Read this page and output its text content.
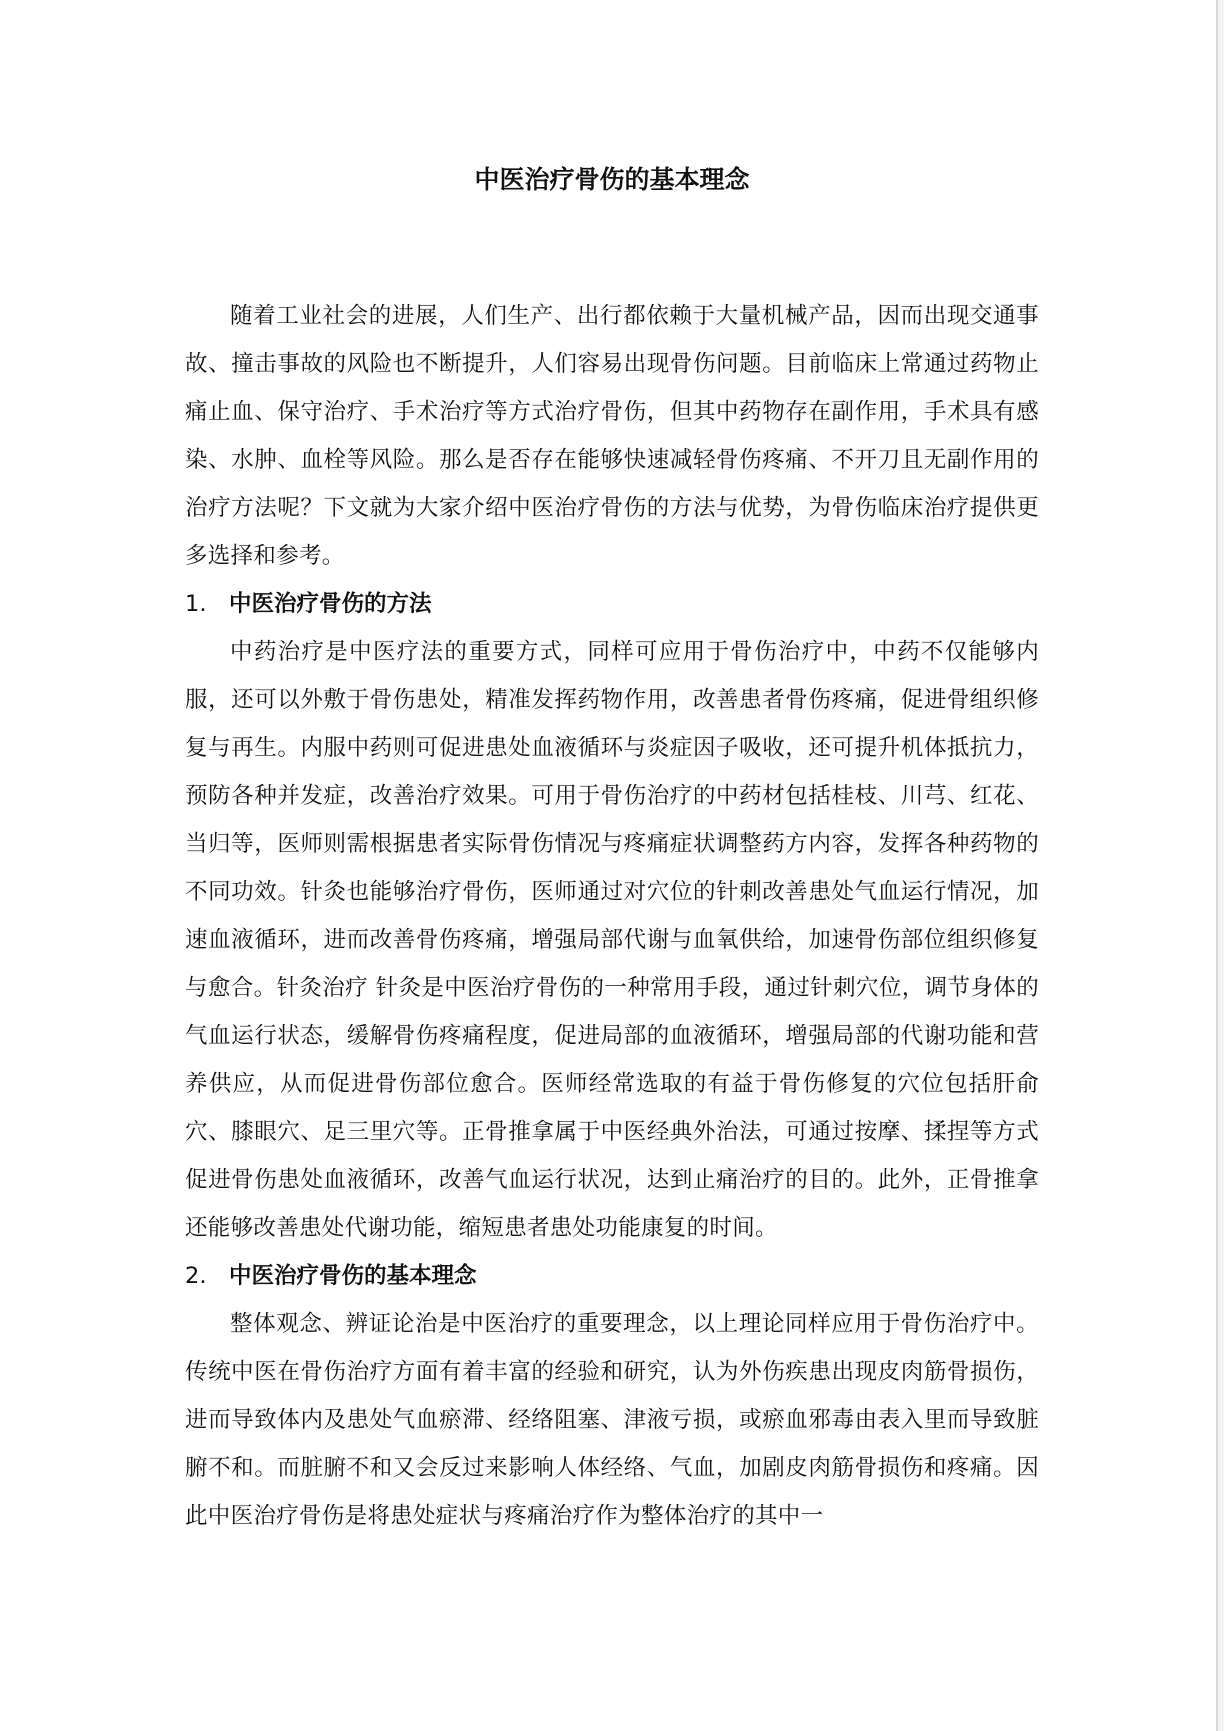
中医治疗骨伤的基本理念

随着工业社会的进展，人们生产、出行都依赖于大量机械产品，因而出现交通事故、撞击事故的风险也不断提升，人们容易出现骨伤问题。目前临床上常通过药物止痛止血、保守治疗、手术治疗等方式治疗骨伤，但其中药物存在副作用，手术具有感染、水肿、血栓等风险。那么是否存在能够快速减轻骨伤疼痛、不开刀且无副作用的治疗方法呢？下文就为大家介绍中医治疗骨伤的方法与优势，为骨伤临床治疗提供更多选择和参考。

1.	中医治疗骨伤的方法

中药治疗是中医疗法的重要方式，同样可应用于骨伤治疗中，中药不仅能够内服，还可以外敷于骨伤患处，精准发挥药物作用，改善患者骨伤疼痛，促进骨组织修复与再生。内服中药则可促进患处血液循环与炎症因子吸收，还可提升机体抵抗力，预防各种并发症，改善治疗效果。可用于骨伤治疗的中药材包括桂枝、川芎、红花、当归等，医师则需根据患者实际骨伤情况与疼痛症状调整药方内容，发挥各种药物的不同功效。针灸也能够治疗骨伤，医师通过对穴位的针刺改善患处气血运行情况，加速血液循环，进而改善骨伤疼痛，增强局部代谢与血氧供给，加速骨伤部位组织修复与愈合。针灸治疗 针灸是中医治疗骨伤的一种常用手段，通过针刺穴位，调节身体的气血运行状态，缓解骨伤疼痛程度，促进局部的血液循环，增强局部的代谢功能和营养供应，从而促进骨伤部位愈合。医师经常选取的有益于骨伤修复的穴位包括肝俞穴、膝眼穴、足三里穴等。正骨推拿属于中医经典外治法，可通过按摩、揉捏等方式促进骨伤患处血液循环，改善气血运行状况，达到止痛治疗的目的。此外，正骨推拿还能够改善患处代谢功能，缩短患者患处功能康复的时间。

2.	中医治疗骨伤的基本理念

整体观念、辨证论治是中医治疗的重要理念，以上理论同样应用于骨伤治疗中。传统中医在骨伤治疗方面有着丰富的经验和研究，认为外伤疾患出现皮肉筋骨损伤，进而导致体内及患处气血瘀滞、经络阻塞、津液亏损，或瘀血邪毒由表入里而导致脏腑不和。而脏腑不和又会反过来影响人体经络、气血，加剧皮肉筋骨损伤和疼痛。因此中医治疗骨伤是将患处症状与疼痛治疗作为整体治疗的其中一
